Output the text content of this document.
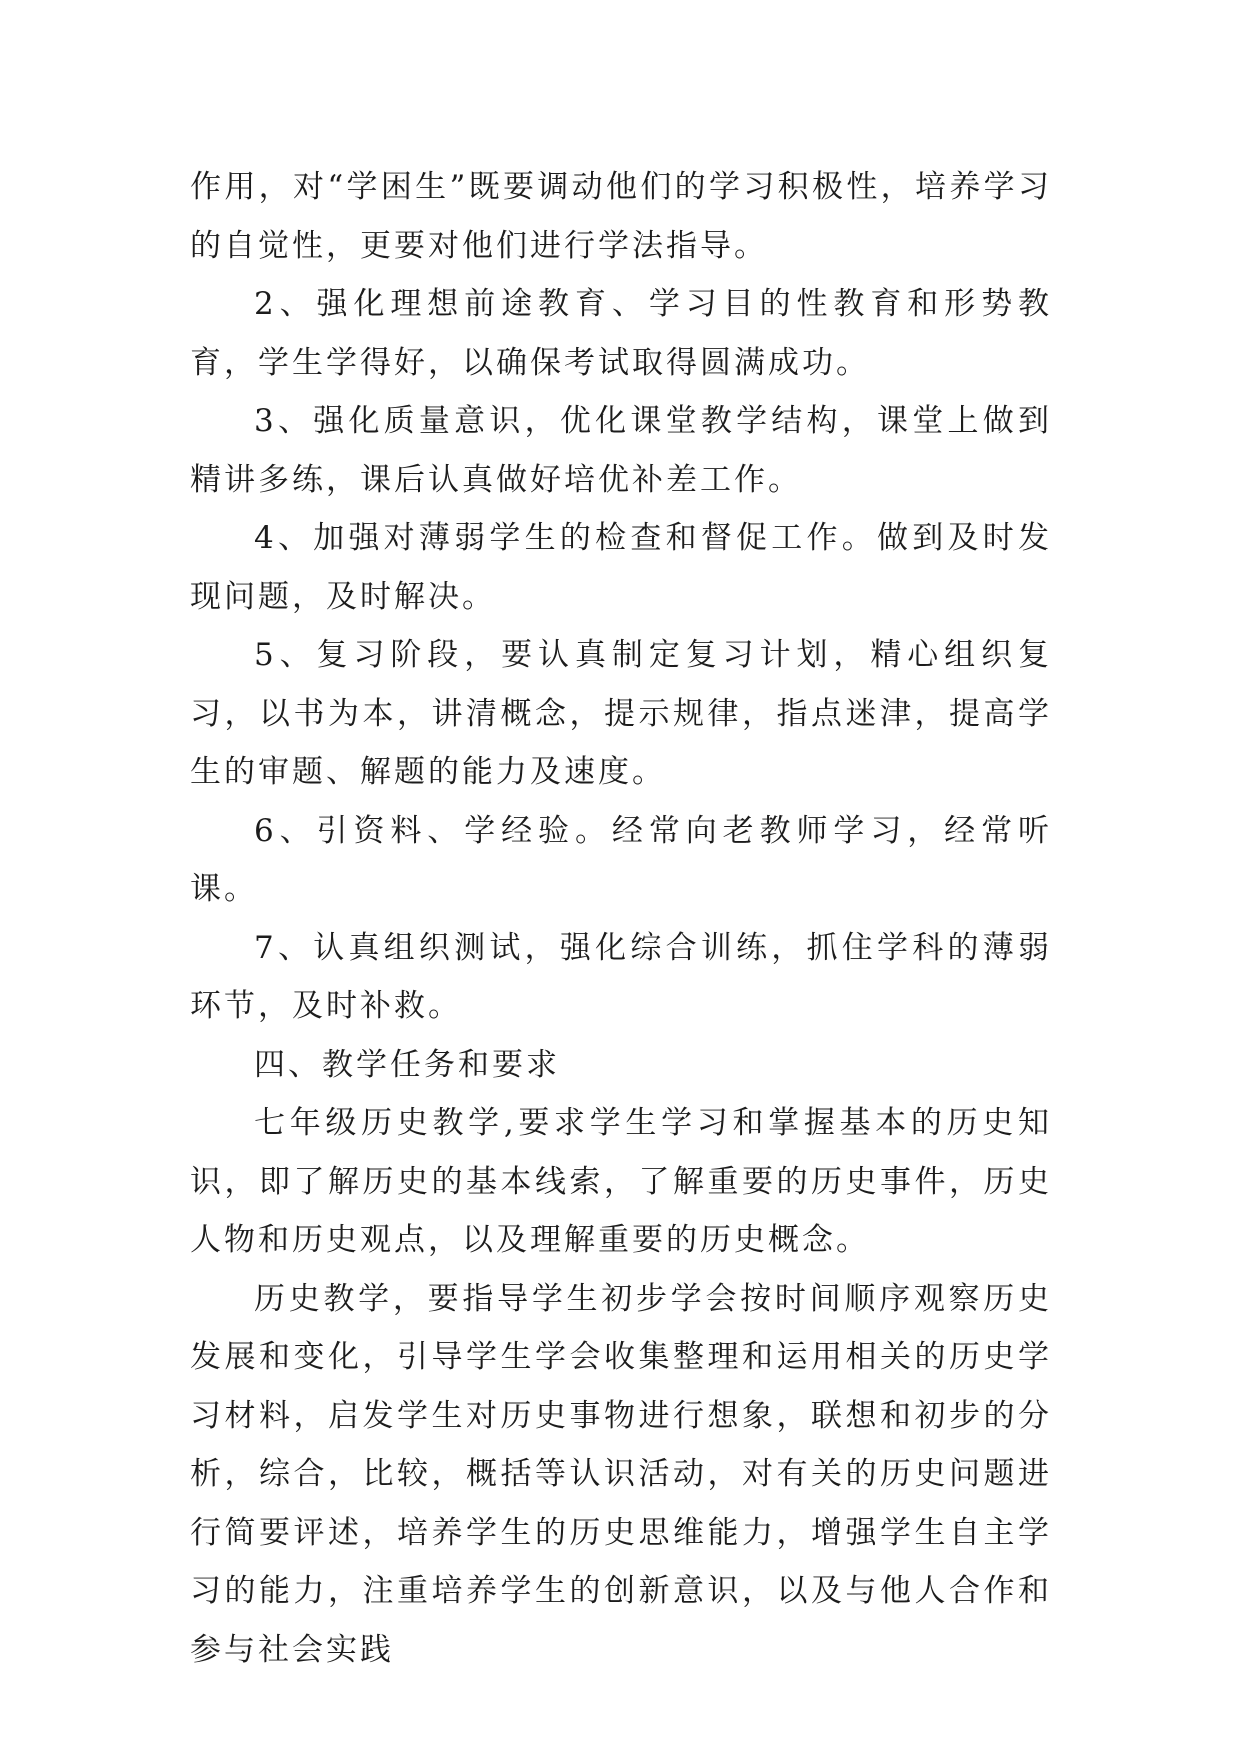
作用，对“学困生”既要调动他们的学习积极性，培养学习的自觉性，更要对他们进行学法指导。

2、强化理想前途教育、学习目的性教育和形势教育，学生学得好，以确保考试取得圆满成功。

3、强化质量意识，优化课堂教学结构，课堂上做到精讲多练，课后认真做好培优补差工作。

4、加强对薄弱学生的检查和督促工作。做到及时发现问题，及时解决。

5、复习阶段，要认真制定复习计划，精心组织复习，以书为本，讲清概念，提示规律，指点迷津，提高学生的审题、解题的能力及速度。

6、引资料、学经验。经常向老教师学习，经常听课。

7、认真组织测试，强化综合训练，抓住学科的薄弱环节，及时补救。

四、教学任务和要求

七年级历史教学,要求学生学习和掌握基本的历史知识，即了解历史的基本线索，了解重要的历史事件，历史人物和历史观点，以及理解重要的历史概念。

历史教学，要指导学生初步学会按时间顺序观察历史发展和变化，引导学生学会收集整理和运用相关的历史学习材料，启发学生对历史事物进行想象，联想和初步的分析，综合，比较，概括等认识活动，对有关的历史问题进行简要评述，培养学生的历史思维能力，增强学生自主学习的能力，注重培养学生的创新意识，以及与他人合作和参与社会实践
